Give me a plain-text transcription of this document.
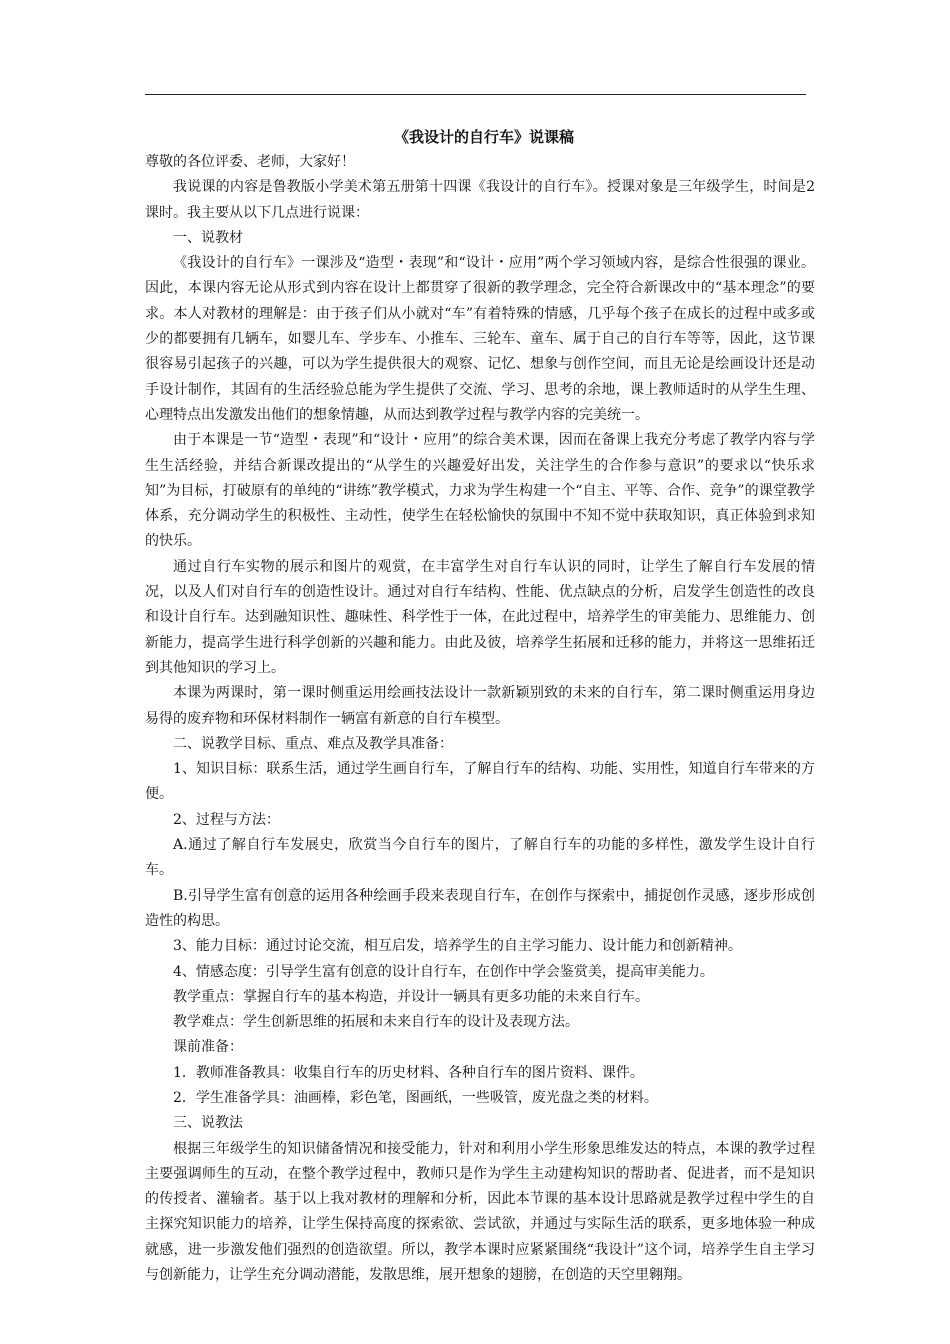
《我设计的自行车》说课稿

尊敬的各位评委、老师，大家好！

我说课的内容是鲁教版小学美术第五册第十四课《我设计的自行车》。授课对象是三年级学生，时间是2课时。我主要从以下几点进行说课：

一、说教材

《我设计的自行车》一课涉及“造型・表现”和“设计・应用”两个学习领域内容，是综合性很强的课业。因此，本课内容无论从形式到内容在设计上都贯穿了很新的教学理念，完全符合新课改中的“基本理念”的要求。本人对教材的理解是：由于孩子们从小就对“车”有着特殊的情感，几乎每个孩子在成长的过程中或多或少的都要拥有几辆车，如婴儿车、学步车、小推车、三轮车、童车、属于自己的自行车等等，因此，这节课很容易引起孩子的兴趣，可以为学生提供很大的观察、记忆、想象与创作空间，而且无论是绘画设计还是动手设计制作，其固有的生活经验总能为学生提供了交流、学习、思考的余地，课上教师适时的从学生生理、心理特点出发激发出他们的想象情趣，从而达到教学过程与教学内容的完美统一。

由于本课是一节“造型・表现”和“设计・应用”的综合美术课，因而在备课上我充分考虑了教学内容与学生生活经验，并结合新课改提出的“从学生的兴趣爱好出发，关注学生的合作参与意识”的要求以“快乐求知”为目标，打破原有的单纯的“讲练”教学模式，力求为学生构建一个“自主、平等、合作、竞争”的课堂教学体系，充分调动学生的积极性、主动性，使学生在轻松愉快的氛围中不知不觉中获取知识，真正体验到求知的快乐。

通过自行车实物的展示和图片的观赏，在丰富学生对自行车认识的同时，让学生了解自行车发展的情况，以及人们对自行车的创造性设计。通过对自行车结构、性能、优点缺点的分析，启发学生创造性的改良和设计自行车。达到融知识性、趣味性、科学性于一体，在此过程中，培养学生的审美能力、思维能力、创新能力，提高学生进行科学创新的兴趣和能力。由此及彼，培养学生拓展和迁移的能力，并将这一思维拓迁到其他知识的学习上。

本课为两课时，第一课时侧重运用绘画技法设计一款新颖别致的未来的自行车，第二课时侧重运用身边易得的废弃物和环保材料制作一辆富有新意的自行车模型。

二、说教学目标、重点、难点及教学具准备：

1、知识目标：联系生活，通过学生画自行车，了解自行车的结构、功能、实用性，知道自行车带来的方便。

2、过程与方法：

A.通过了解自行车发展史，欣赏当今自行车的图片，了解自行车的功能的多样性，激发学生设计自行车。

B.引导学生富有创意的运用各种绘画手段来表现自行车，在创作与探索中，捕捉创作灵感，逐步形成创造性的构思。

3、能力目标：通过讨论交流，相互启发，培养学生的自主学习能力、设计能力和创新精神。

4、情感态度：引导学生富有创意的设计自行车，在创作中学会鉴赏美，提高审美能力。

教学重点：掌握自行车的基本构造，并设计一辆具有更多功能的未来自行车。

教学难点：学生创新思维的拓展和未来自行车的设计及表现方法。

课前准备：

1．教师准备教具：收集自行车的历史材料、各种自行车的图片资料、课件。

2．学生准备学具：油画棒，彩色笔，图画纸，一些吸管，废光盘之类的材料。

三、说教法

根据三年级学生的知识储备情况和接受能力，针对和利用小学生形象思维发达的特点，本课的教学过程主要强调师生的互动，在整个教学过程中，教师只是作为学生主动建构知识的帮助者、促进者，而不是知识的传授者、灌输者。基于以上我对教材的理解和分析，因此本节课的基本设计思路就是教学过程中学生的自主探究知识能力的培养，让学生保持高度的探索欲、尝试欲，并通过与实际生活的联系，更多地体验一种成就感，进一步激发他们强烈的创造欲望。所以，教学本课时应紧紧围绕“我设计”这个词，培养学生自主学习与创新能力，让学生充分调动潜能，发散思维，展开想象的翅膀，在创造的天空里翱翔。
